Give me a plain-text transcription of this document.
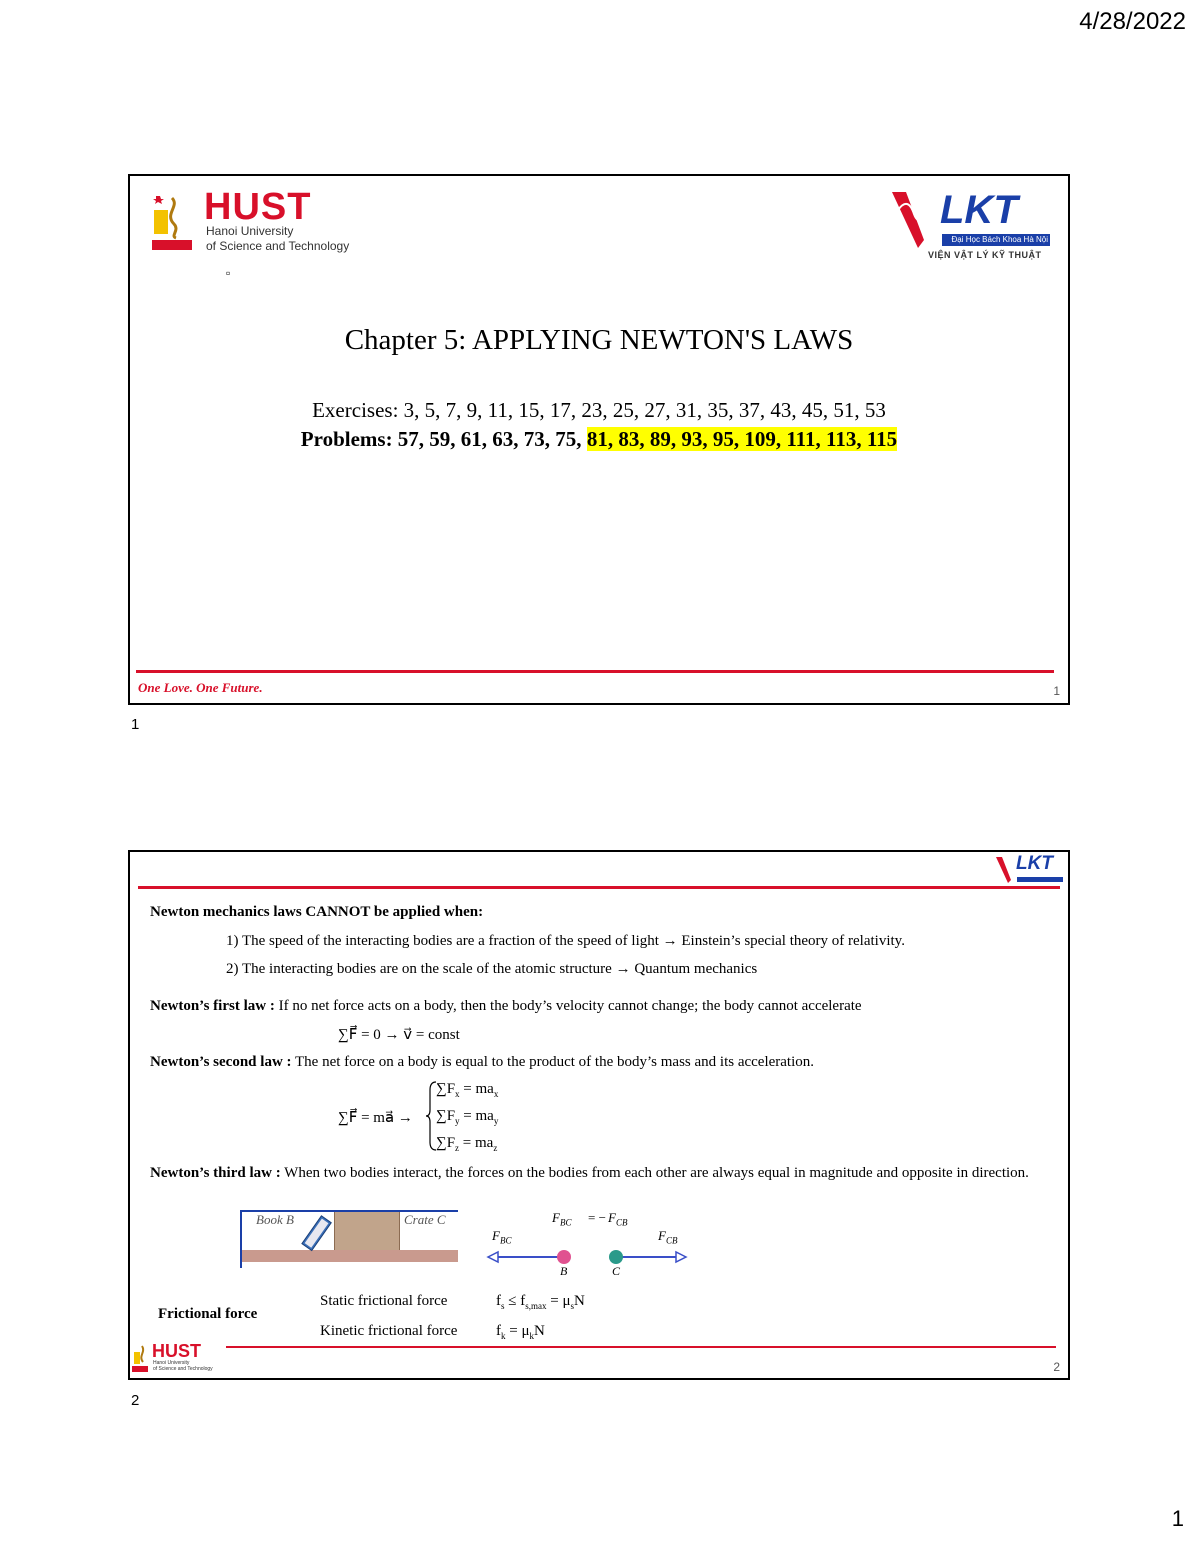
4/28/2022
1
HUST
Hanoi University
of Science and Technology
LKT
Đại Học Bách Khoa Hà Nội
VIỆN VẬT LÝ KỸ THUẬT
▫
Chapter 5: APPLYING NEWTON'S LAWS
Exercises: 3, 5, 7, 9, 11, 15, 17, 23, 25, 27, 31, 35, 37, 43, 45, 51, 53
Problems: 57, 59, 61, 63, 73, 75, 81, 83, 89, 93, 95, 109, 111, 113, 115
One Love. One Future.	1
1
LKT
Newton mechanics laws CANNOT be applied when:
1) The speed of the interacting bodies are a fraction of the speed of light → Einstein’s special theory of relativity.
2) The interacting bodies are on the scale of the atomic structure → Quantum mechanics
Newton’s first law : If no net force acts on a body, then the body’s velocity cannot change; the body cannot accelerate
∑F⃗ = 0 → v⃗ = const
Newton’s second law : The net force on a body is equal to the product of the body’s mass and its acceleration.
∑F⃗ = ma⃗ →
$\sum F_x = ma_x$
$\sum F_y = ma_y$
$\sum F_z = ma_z$
Newton’s third law : When two bodies interact, the forces on the bodies from each other are always equal in magnitude and opposite in direction.
Book B	Crate C	$F_{BC}$ = − $F_{CB}$
$F_{BC}$	$F_{CB}$
B	C
Frictional force
Static frictional force	$f_s \le f_{s,max} = \mu_sN$
Kinetic frictional force	$f_k = \mu_kN$
HUST
Hanoi University
of Science and Technology	2
2
